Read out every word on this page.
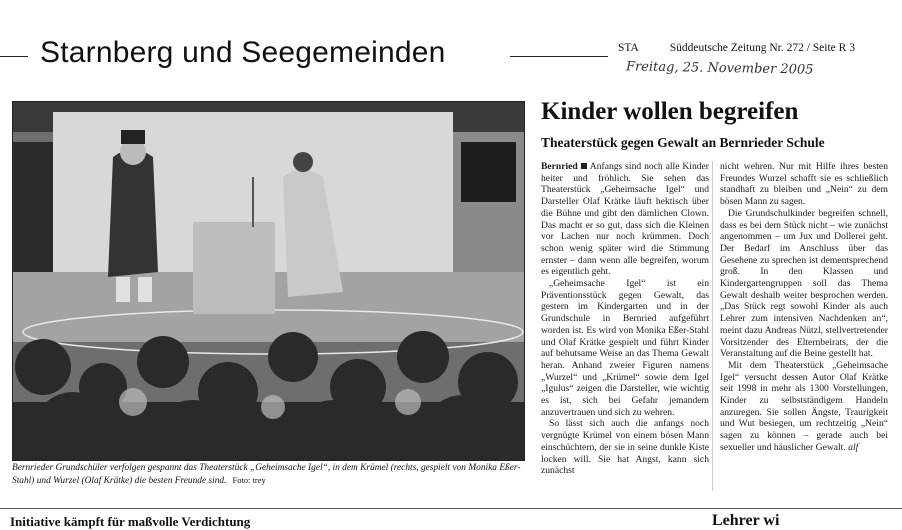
Starnberg und Seegemeinden	STA	Süddeutsche Zeitung Nr. 272 / Seite R 3
Freitag, 25. November 2005
Bernrieder Grundschüler verfolgen gespannt das Theaterstück „Geheimsache Igel“, in dem Krümel (rechts, gespielt von Monika Eßer-Stahl) und Wurzel (Olaf Krätke) die besten Freunde sind. Foto: trey
Kinder wollen begreifen
Theaterstück gegen Gewalt an Bernrieder Schule

Bernried Anfangs sind noch alle Kinder heiter und fröhlich. Sie sehen das Theaterstück „Geheimsache Igel“ und Darsteller Olaf Krätke läuft hektisch über die Bühne und gibt den dämlichen Clown. Das macht er so gut, dass sich die Kleinen vor Lachen nur noch krümmen. Doch schon wenig später wird die Stimmung ernster – dann wenn alle begreifen, worum es eigentlich geht.

„Geheimsache Igel“ ist ein Präventionsstück gegen Gewalt, das gestern im Kindergarten und in der Grundschule in Bernried aufgeführt worden ist. Es wird von Monika Eßer-Stahl und Olaf Krätke gespielt und führt Kinder auf behutsame Weise an das Thema Gewalt heran. Anhand zweier Figuren namens „Wurzel“ und „Krümel“ sowie dem Igel „Igulus“ zeigen die Darsteller, wie wichtig es ist, sich bei Gefahr jemandem anzuvertrauen und sich zu wehren.

So lässt sich auch die anfangs noch vergnügte Krümel von einem bösen Mann einschüchtern, der sie in seine dunkle Kiste locken will. Sie hat Angst, kann sich zunächst

nicht wehren. Nur mit Hilfe ihres besten Freundes Wurzel schafft sie es schließlich standhaft zu bleiben und „Nein“ zu dem bösen Mann zu sagen.

Die Grundschulkinder begreifen schnell, dass es bei dem Stück nicht – wie zunächst angenommen – um Jux und Dollerei geht. Der Bedarf im Anschluss über das Gesehene zu sprechen ist dementsprechend groß. In den Klassen und Kindergartengruppen soll das Thema Gewalt deshalb weiter besprochen werden. „Das Stück regt sowohl Kinder als auch Lehrer zum intensiven Nachdenken an“, meint dazu Andreas Nützl, stellvertretender Vorsitzender des Elternbeirats, der die Veranstaltung auf die Beine gestellt hat.

Mit dem Theaterstück „Geheimsache Igel“ versucht dessen Autor Olaf Krätke seit 1998 in mehr als 1300 Vorstellungen, Kinder zu selbstständigem Handeln anzuregen. Sie sollen Ängste, Traurigkeit und Wut besiegen, um rechtzeitig „Nein“ sagen zu können – gerade auch bei sexueller und häuslicher Gewalt. alf

Initiative kämpft für maßvolle Verdichtung	Lehrer wi
